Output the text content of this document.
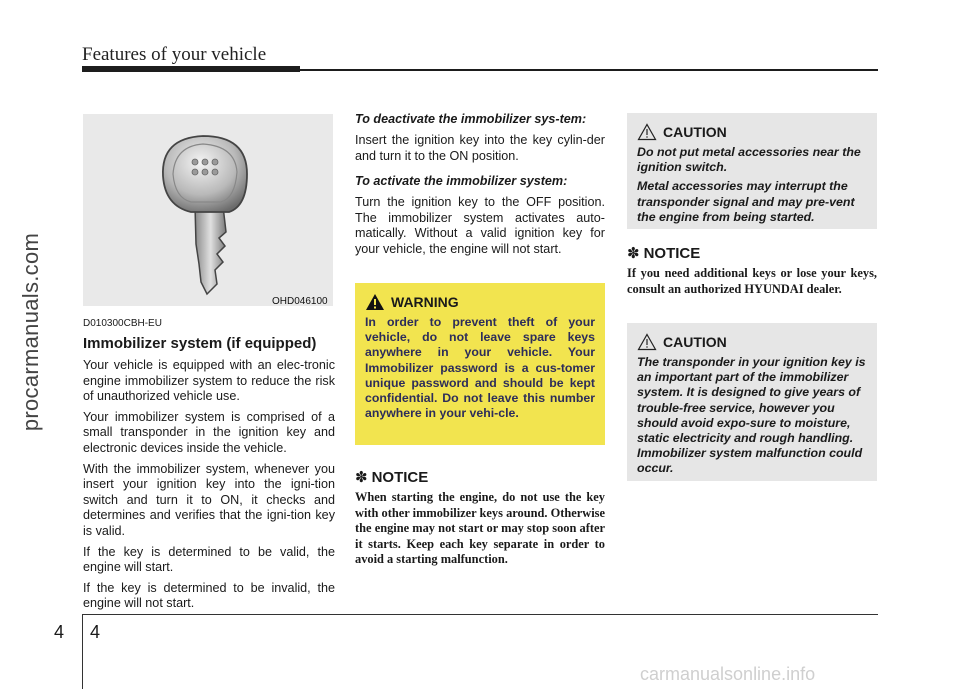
Features of your vehicle
procarmanuals.com
carmanualsonline.info
OHD046100
D010300CBH-EU
Immobilizer system (if equipped)

Your vehicle is equipped with an elec-tronic engine immobilizer system to reduce the risk of unauthorized vehicle use.

Your immobilizer system is comprised of a small transponder in the ignition key and electronic devices inside the vehicle.

With the immobilizer system, whenever you insert your ignition key into the igni-tion switch and turn it to ON, it checks and determines and verifies that the igni-tion key is valid.

If the key is determined to be valid, the engine will start.

If the key is determined to be invalid, the engine will not start.

To deactivate the immobilizer sys-tem:

Insert the ignition key into the key cylin-der and turn it to the ON position.

To activate the immobilizer system:

Turn the ignition key to the OFF position. The immobilizer system activates auto-matically. Without a valid ignition key for your vehicle, the engine will not start.

WARNING

In order to prevent theft of your vehicle, do not leave spare keys anywhere in your vehicle. Your Immobilizer password is a cus-tomer unique password and should be kept confidential. Do not leave this number anywhere in your vehi-cle.

✽ NOTICE

When starting the engine, do not use the key with other immobilizer keys around. Otherwise the engine may not start or may stop soon after it starts. Keep each key separate in order to avoid a starting malfunction.

CAUTION

Do not put metal accessories near the ignition switch.

Metal accessories may interrupt the transponder signal and may pre-vent the engine from being started.

✽ NOTICE

If you need additional keys or lose your keys, consult an authorized HYUNDAI dealer.

CAUTION

The transponder in your ignition key is an important part of the immobilizer system. It is designed to give years of trouble-free service, however you should avoid expo-sure to moisture, static electricity and rough handling. Immobilizer system malfunction could occur.

4 4
